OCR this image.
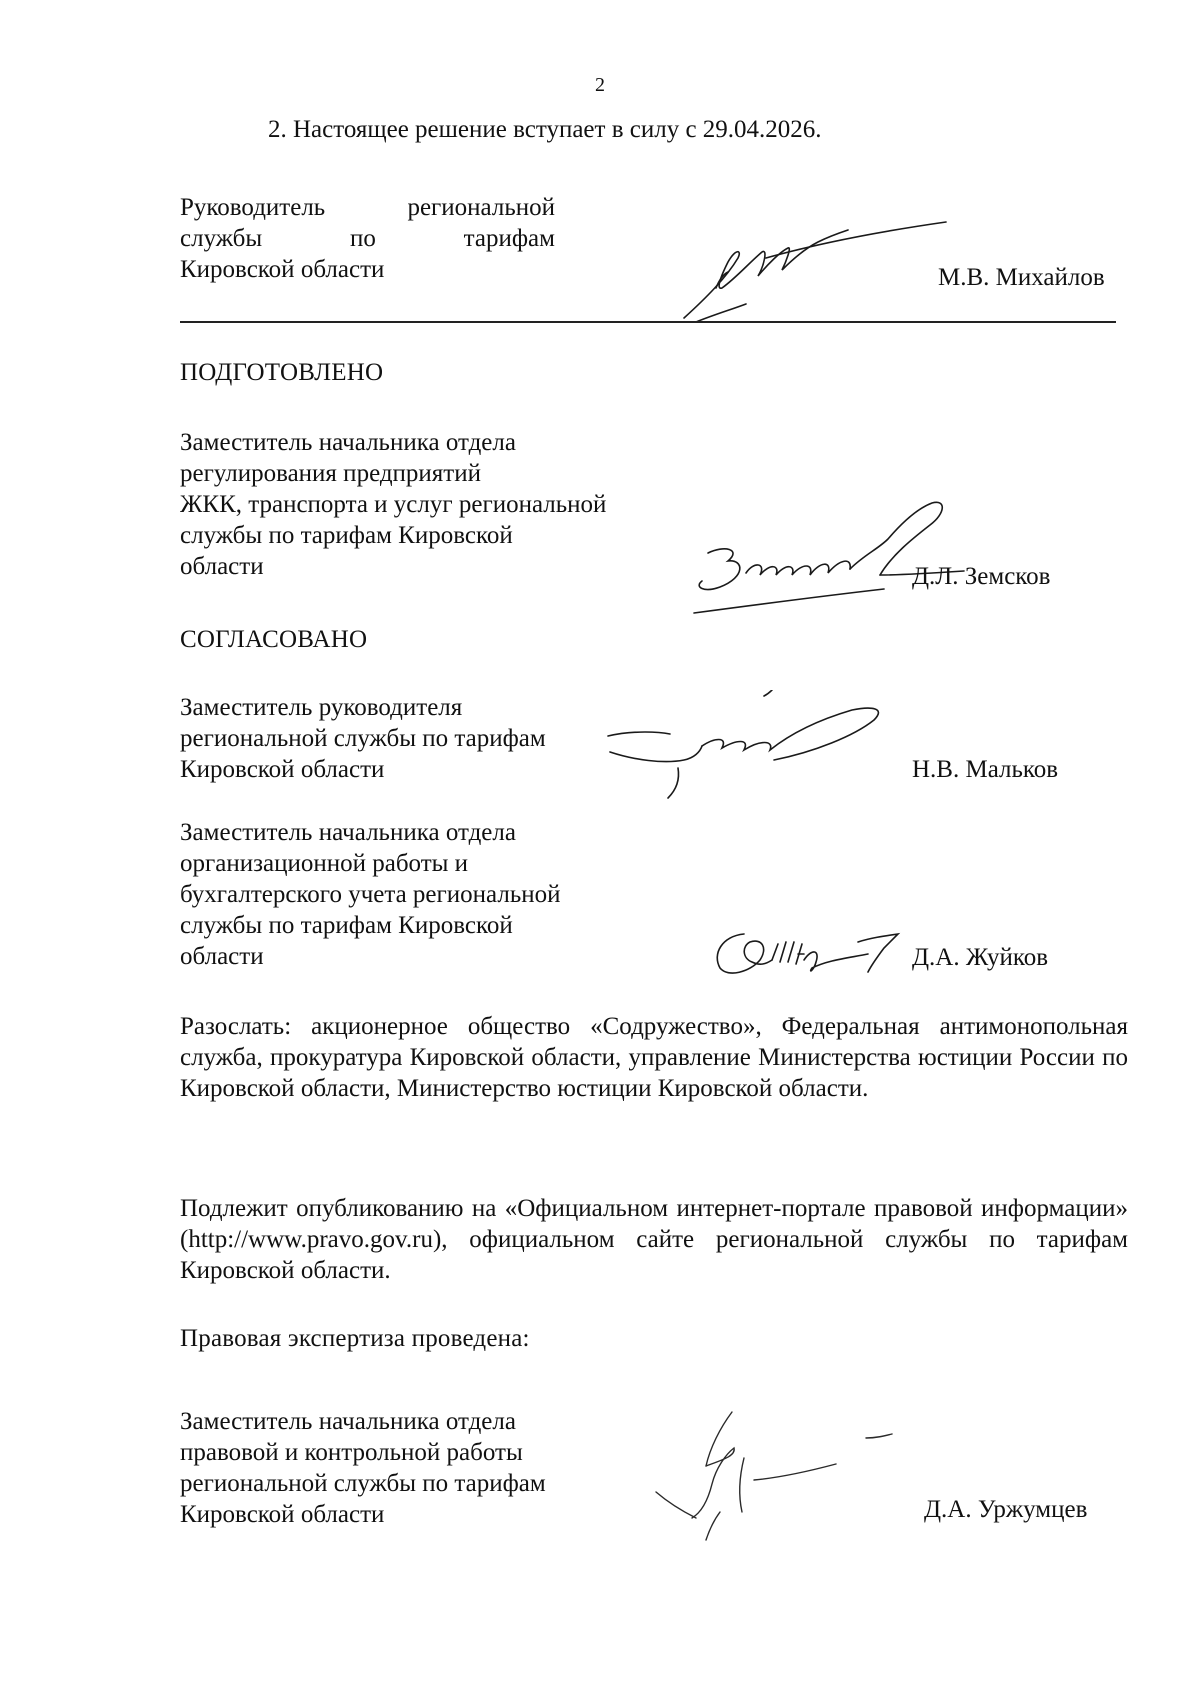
2
2. Настоящее решение вступает в силу с 29.04.2026.
Руководитель	региональной
службы	по	тарифам
Кировской области	М.В. Михайлов
ПОДГОТОВЛЕНО
Заместитель начальника отдела
регулирования предприятий
ЖКК, транспорта и услуг региональной
службы по тарифам Кировской
области	Д.Л. Земсков
СОГЛАСОВАНО
Заместитель руководителя
региональной службы по тарифам
Кировской области	Н.В. Мальков
Заместитель начальника отдела
организационной работы и
бухгалтерского учета региональной
службы по тарифам Кировской
области	Д.А. Жуйков
Разослать: акционерное общество «Содружество», Федеральная антимонопольная служба, прокуратура Кировской области, управление Министерства юстиции России по Кировской области, Министерство юстиции Кировской области.
Подлежит опубликованию на «Официальном интернет-портале правовой информации» (http://www.pravo.gov.ru), официальном сайте региональной службы по тарифам Кировской области.
Правовая экспертиза проведена:
Заместитель начальника отдела
правовой и контрольной работы
региональной службы по тарифам
Кировской области	Д.А. Уржумцев
